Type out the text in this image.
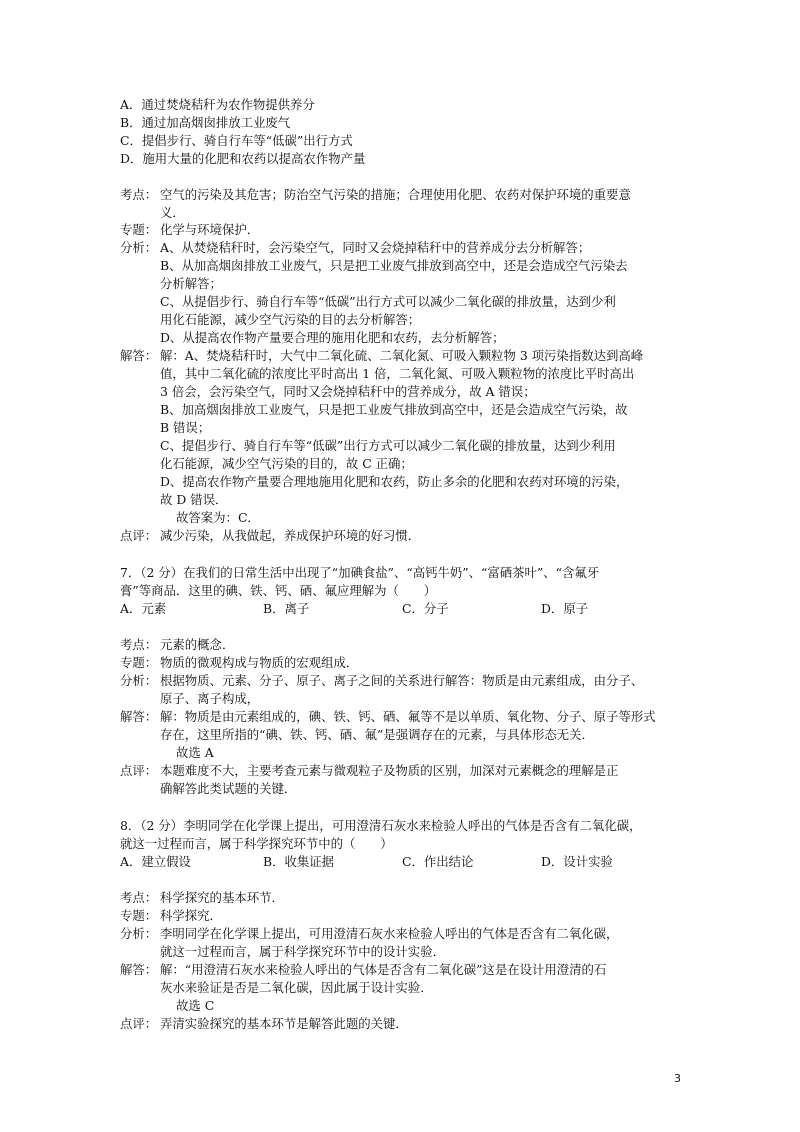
A．通过焚烧秸秆为农作物提供养分
B．通过加高烟囱排放工业废气
C．提倡步行、骑自行车等“低碳”出行方式
D．施用大量的化肥和农药以提高农作物产量
考点： 空气的污染及其危害；防治空气污染的措施；合理使用化肥、农药对保护环境的重要意
义．
专题： 化学与环境保护．
分析： A、从焚烧秸秆时，会污染空气，同时又会烧掉秸秆中的营养成分去分析解答；
B、从加高烟囱排放工业废气，只是把工业废气排放到高空中，还是会造成空气污染去
分析解答；
C、从提倡步行、骑自行车等“低碳”出行方式可以减少二氧化碳的排放量，达到少利
用化石能源，减少空气污染的目的去分析解答；
D、从提高农作物产量要合理的施用化肥和农药，去分析解答；
解答： 解：A、焚烧秸秆时，大气中二氧化硫、二氧化氮、可吸入颗粒物 3 项污染指数达到高峰
值，其中二氧化硫的浓度比平时高出 1 倍，二氧化氮、可吸入颗粒物的浓度比平时高出
3 倍会，会污染空气，同时又会烧掉秸秆中的营养成分，故 A 错误；
B、加高烟囱排放工业废气，只是把工业废气排放到高空中，还是会造成空气污染，故
B 错误；
C、提倡步行、骑自行车等“低碳”出行方式可以减少二氧化碳的排放量，达到少利用
化石能源，减少空气污染的目的，故 C 正确；
D、提高农作物产量要合理地施用化肥和农药，防止多余的化肥和农药对环境的污染，
故 D 错误．
故答案为：C．
点评： 减少污染，从我做起，养成保护环境的好习惯．
7．（2 分）在我们的日常生活中出现了“加碘食盐”、“高钙牛奶”、“富硒茶叶”、“含氟牙
膏”等商品．这里的碘、铁、钙、硒、氟应理解为（　　）
A．元素	B．离子	C．分子	D．原子
考点： 元素的概念．
专题： 物质的微观构成与物质的宏观组成．
分析： 根据物质、元素、分子、原子、离子之间的关系进行解答：物质是由元素组成，由分子、
原子、离子构成，
解答： 解：物质是由元素组成的，碘、铁、钙、硒、氟等不是以单质、氧化物、分子、原子等形式
存在，这里所指的“碘、铁、钙、硒、氟”是强调存在的元素，与具体形态无关．
故选 A
点评： 本题难度不大，主要考查元素与微观粒子及物质的区别，加深对元素概念的理解是正
确解答此类试题的关键．
8．（2 分）李明同学在化学课上提出，可用澄清石灰水来检验人呼出的气体是否含有二氧化碳，
就这一过程而言，属于科学探究环节中的（　　）
A．建立假设	B．收集证据	C．作出结论	D．设计实验
考点： 科学探究的基本环节．
专题： 科学探究．
分析： 李明同学在化学课上提出，可用澄清石灰水来检验人呼出的气体是否含有二氧化碳，
就这一过程而言，属于科学探究环节中的设计实验．
解答： 解：“用澄清石灰水来检验人呼出的气体是否含有二氧化碳”这是在设计用澄清的石
灰水来验证是否是二氧化碳，因此属于设计实验．
故选 C
点评： 弄清实验探究的基本环节是解答此题的关键．
3
